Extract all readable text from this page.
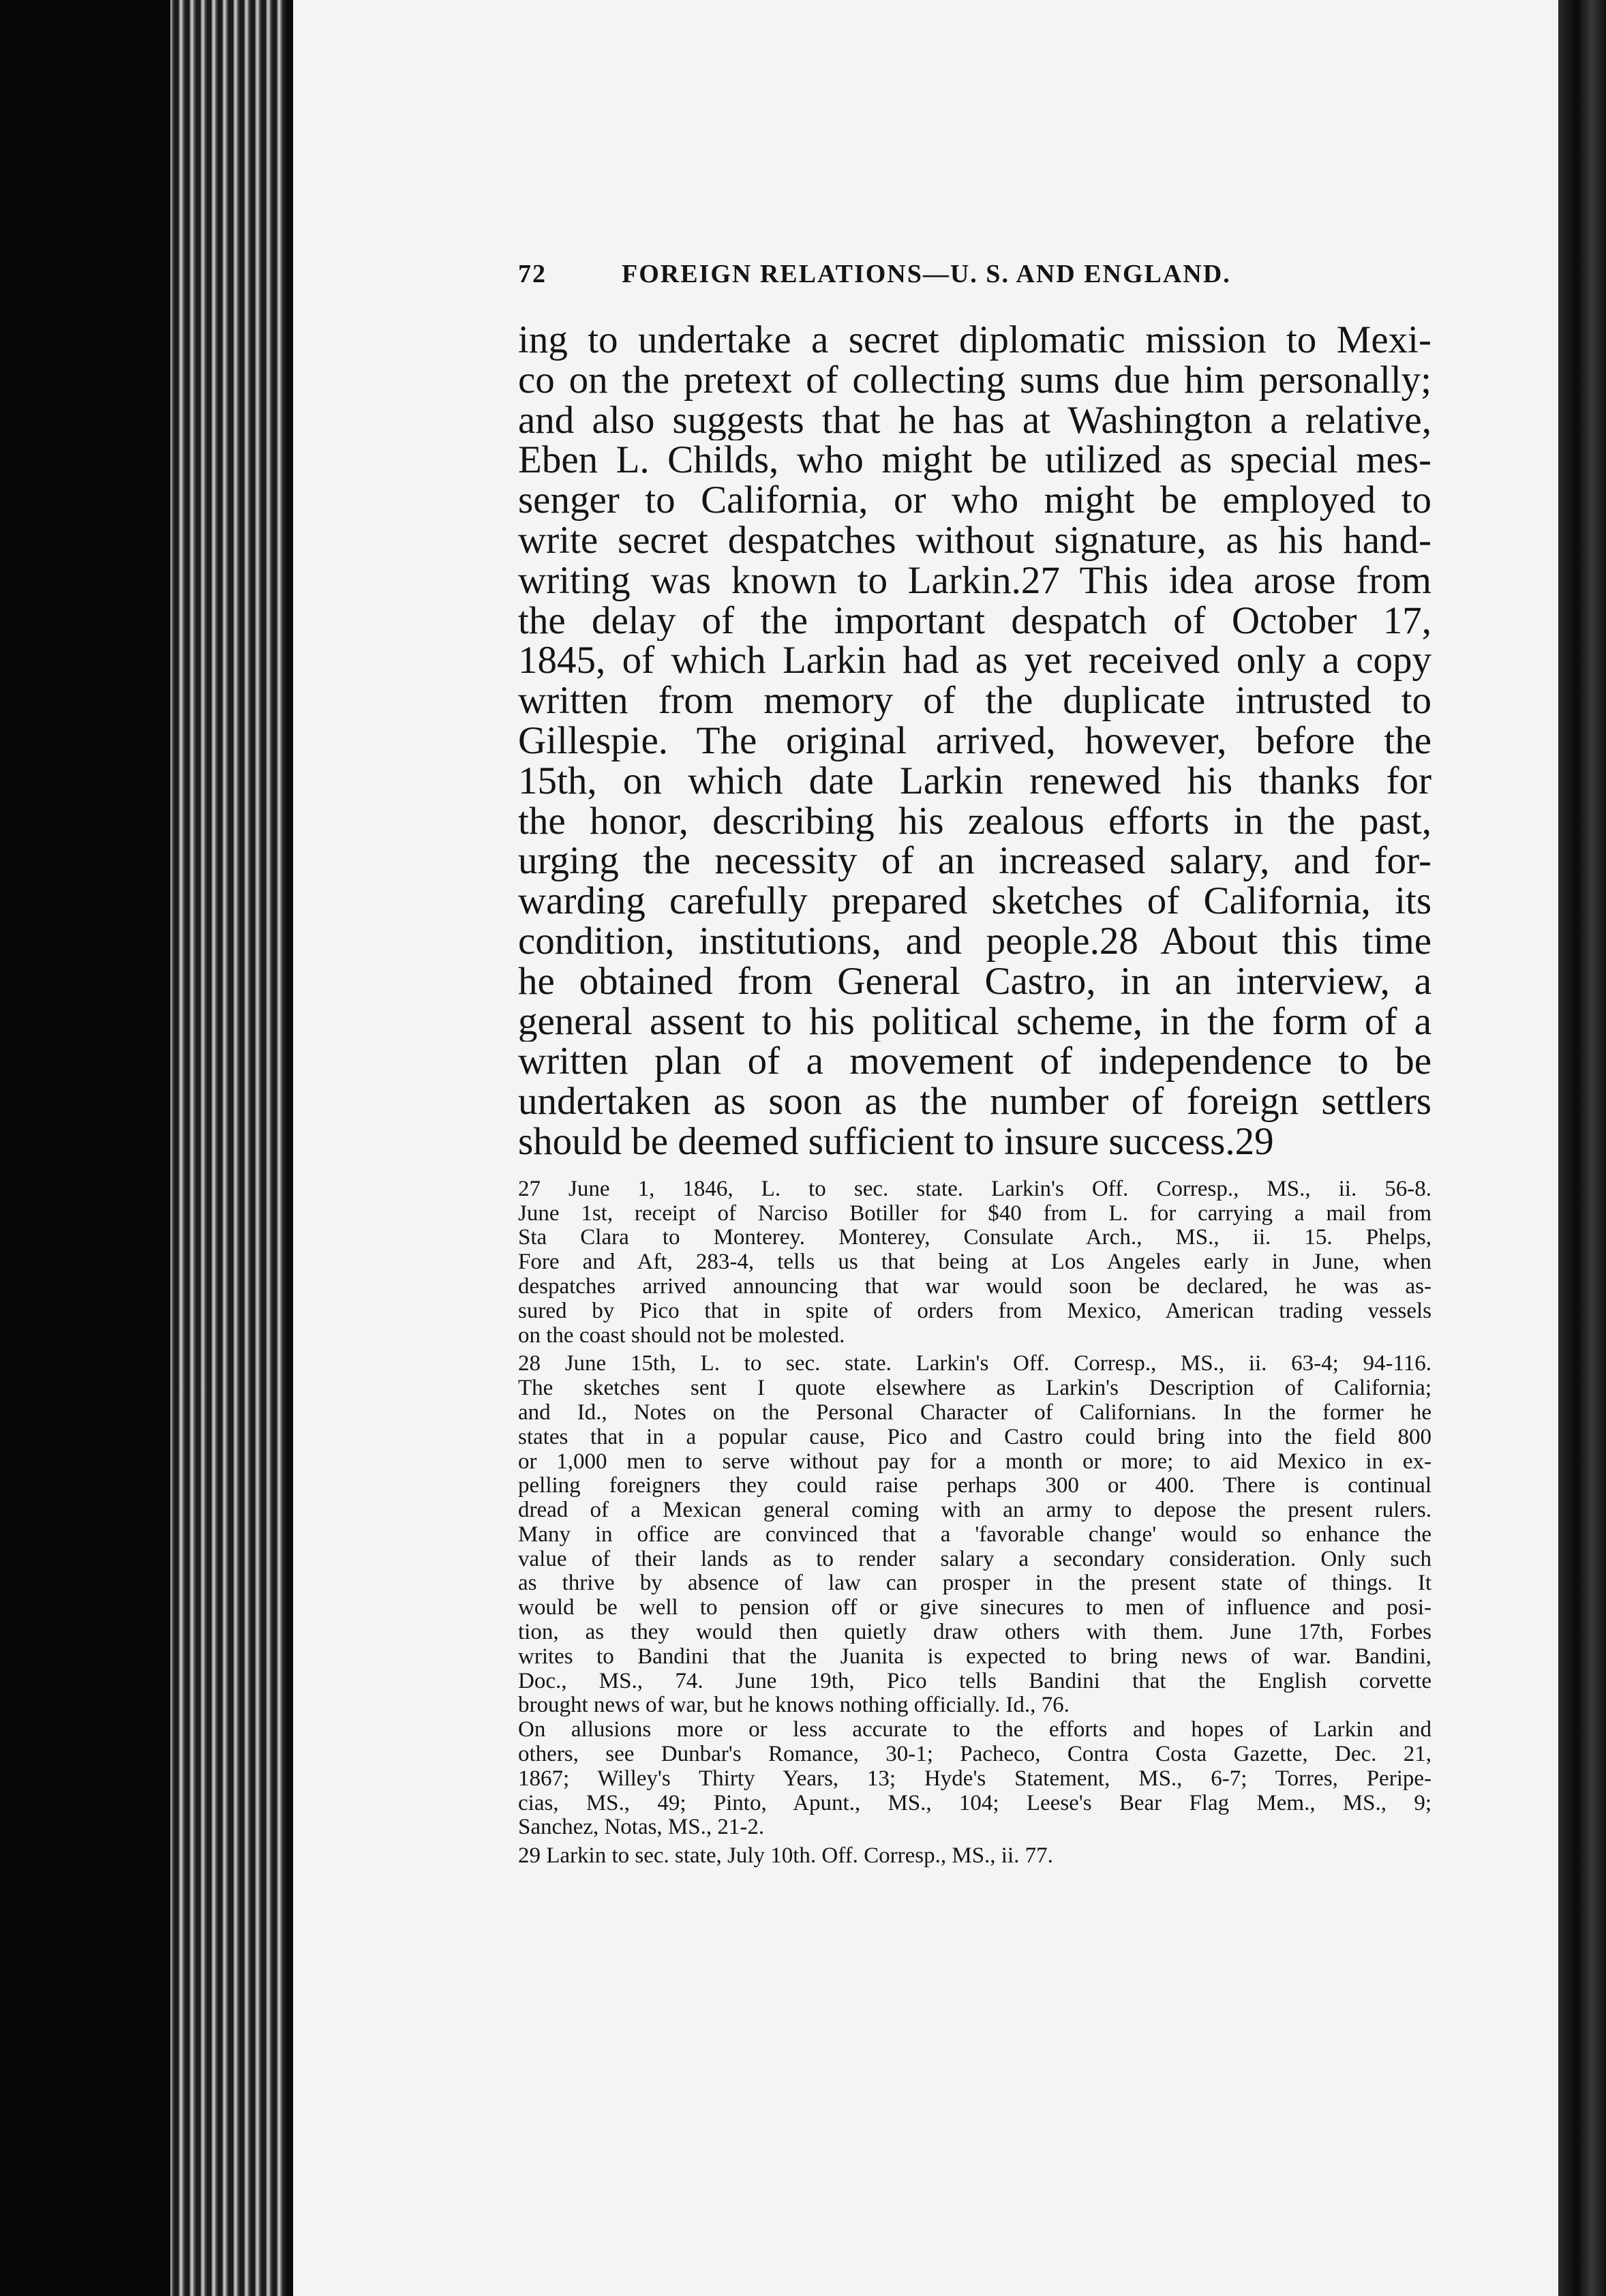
72	FOREIGN RELATIONS—U. S. AND ENGLAND.
ing to undertake a secret diplomatic mission to Mexi-
co on the pretext of collecting sums due him personally;
and also suggests that he has at Washington a relative,
Eben L. Childs, who might be utilized as special mes-
senger to California, or who might be employed to
write secret despatches without signature, as his hand-
writing was known to Larkin.27 This idea arose from
the delay of the important despatch of October 17,
1845, of which Larkin had as yet received only a copy
written from memory of the duplicate intrusted to
Gillespie. The original arrived, however, before the
15th, on which date Larkin renewed his thanks for
the honor, describing his zealous efforts in the past,
urging the necessity of an increased salary, and for-
warding carefully prepared sketches of California, its
condition, institutions, and people.28 About this time
he obtained from General Castro, in an interview, a
general assent to his political scheme, in the form of a
written plan of a movement of independence to be
undertaken as soon as the number of foreign settlers
should be deemed sufficient to insure success.29
27 June 1, 1846, L. to sec. state. Larkin's Off. Corresp., MS., ii. 56-8.
June 1st, receipt of Narciso Botiller for $40 from L. for carrying a mail from
Sta Clara to Monterey. Monterey, Consulate Arch., MS., ii. 15. Phelps,
Fore and Aft, 283-4, tells us that being at Los Angeles early in June, when
despatches arrived announcing that war would soon be declared, he was as-
sured by Pico that in spite of orders from Mexico, American trading vessels
on the coast should not be molested.
28 June 15th, L. to sec. state. Larkin's Off. Corresp., MS., ii. 63-4; 94-116.
The sketches sent I quote elsewhere as Larkin's Description of California;
and Id., Notes on the Personal Character of Californians. In the former he
states that in a popular cause, Pico and Castro could bring into the field 800
or 1,000 men to serve without pay for a month or more; to aid Mexico in ex-
pelling foreigners they could raise perhaps 300 or 400. There is continual
dread of a Mexican general coming with an army to depose the present rulers.
Many in office are convinced that a 'favorable change' would so enhance the
value of their lands as to render salary a secondary consideration. Only such
as thrive by absence of law can prosper in the present state of things. It
would be well to pension off or give sinecures to men of influence and posi-
tion, as they would then quietly draw others with them. June 17th, Forbes
writes to Bandini that the Juanita is expected to bring news of war. Bandini,
Doc., MS., 74. June 19th, Pico tells Bandini that the English corvette
brought news of war, but he knows nothing officially. Id., 76.
On allusions more or less accurate to the efforts and hopes of Larkin and
others, see Dunbar's Romance, 30-1; Pacheco, Contra Costa Gazette, Dec. 21,
1867; Willey's Thirty Years, 13; Hyde's Statement, MS., 6-7; Torres, Peripe-
cias, MS., 49; Pinto, Apunt., MS., 104; Leese's Bear Flag Mem., MS., 9;
Sanchez, Notas, MS., 21-2.
29 Larkin to sec. state, July 10th. Off. Corresp., MS., ii. 77.
